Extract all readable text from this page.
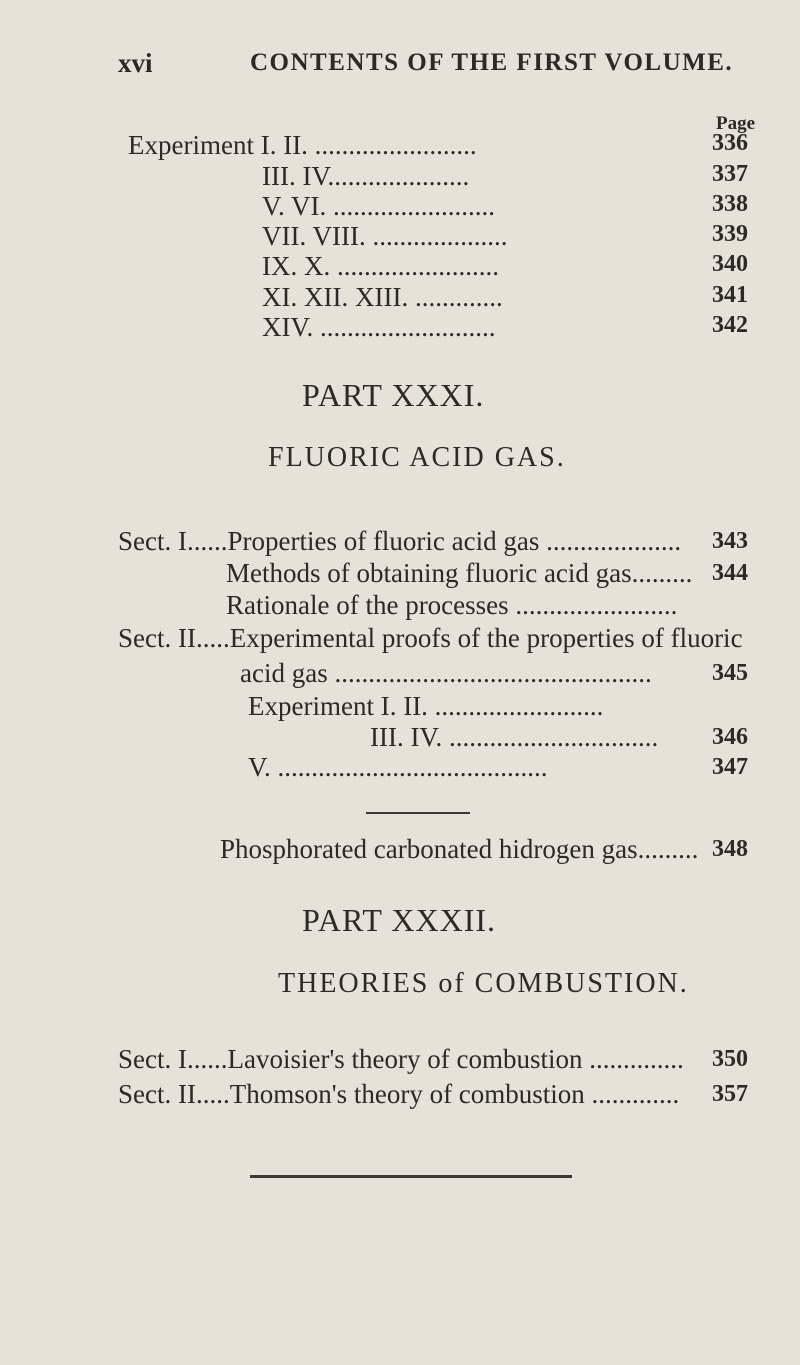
xvi	CONTENTS OF THE FIRST VOLUME.
Page
Experiment I. II. ........................	336
III. IV.....................	337
V. VI. ........................	338
VII. VIII. ....................	339
IX. X. ........................	340
XI. XII. XIII. .............	341
XIV. ..........................	342
PART XXXI.
FLUORIC ACID GAS.
Sect. I......Properties of fluoric acid gas .................... 343
Methods of obtaining fluoric acid gas......... 344
Rationale of the processes ........................
Sect. II.....Experimental proofs of the properties of fluoric
acid gas ...............................................	345
Experiment I. II. .........................
III. IV. ............................... 346
V. ........................................	347
Phosphorated carbonated hidrogen gas......... 348
PART XXXII.
THEORIES of COMBUSTION.
Sect. I......Lavoisier's theory of combustion .............. 350
Sect. II.....Thomson's theory of combustion ............. 357
